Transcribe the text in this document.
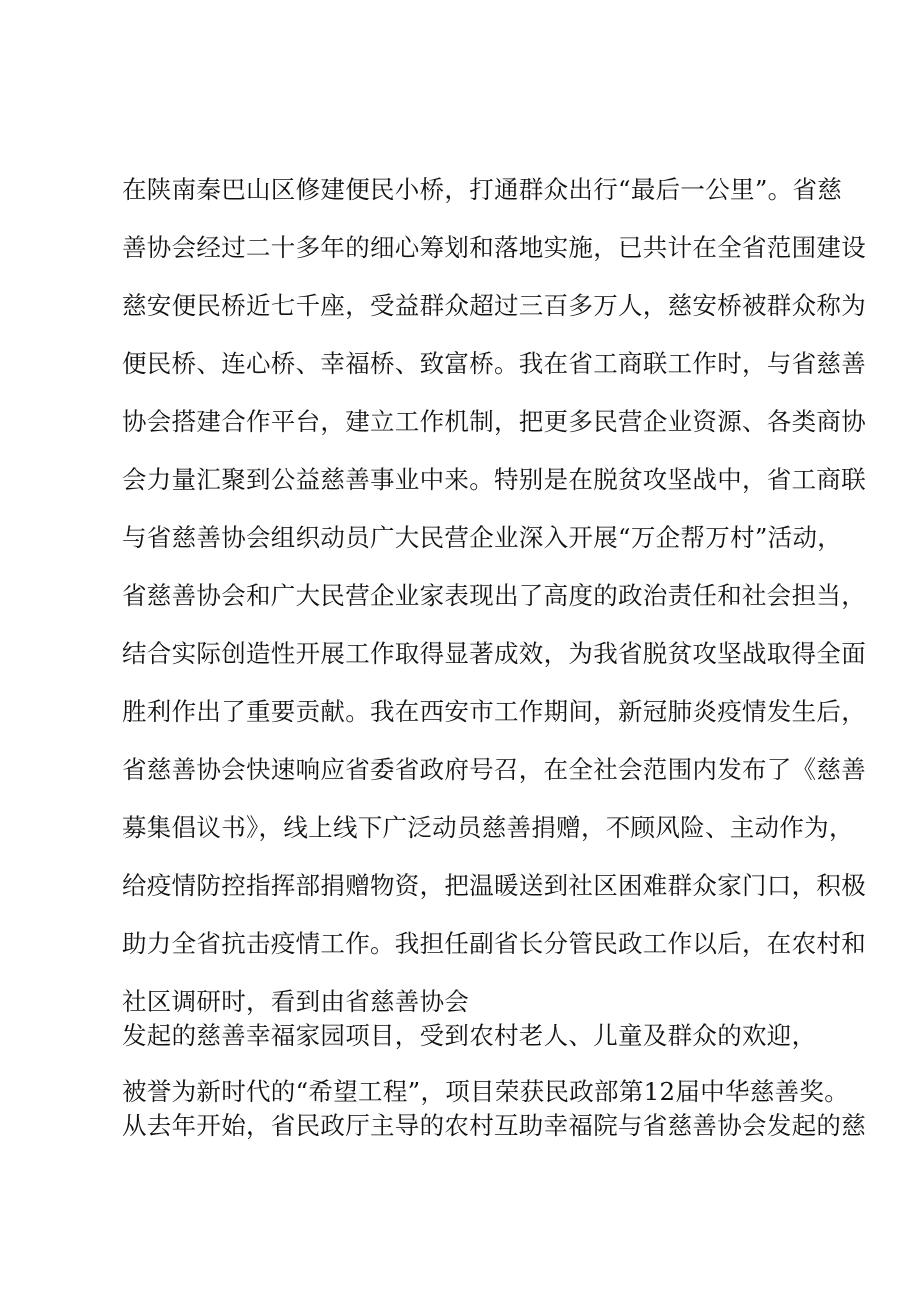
在陕南秦巴山区修建便民小桥，打通群众出行“最后一公里”。省慈
善协会经过二十多年的细心筹划和落地实施，已共计在全省范围建设
慈安便民桥近七千座，受益群众超过三百多万人，慈安桥被群众称为
便民桥、连心桥、幸福桥、致富桥。我在省工商联工作时，与省慈善
协会搭建合作平台，建立工作机制，把更多民营企业资源、各类商协
会力量汇聚到公益慈善事业中来。特别是在脱贫攻坚战中，省工商联
与省慈善协会组织动员广大民营企业深入开展“万企帮万村”活动，
省慈善协会和广大民营企业家表现出了高度的政治责任和社会担当，
结合实际创造性开展工作取得显著成效，为我省脱贫攻坚战取得全面
胜利作出了重要贡献。我在西安市工作期间，新冠肺炎疫情发生后，
省慈善协会快速响应省委省政府号召，在全社会范围内发布了《慈善
募集倡议书》，线上线下广泛动员慈善捐赠，不顾风险、主动作为，
给疫情防控指挥部捐赠物资，把温暖送到社区困难群众家门口，积极
助力全省抗击疫情工作。我担任副省长分管民政工作以后，在农村和
社区调研时，看到由省慈善协会
发起的慈善幸福家园项目，受到农村老人、儿童及群众的欢迎，
被誉为新时代的“希望工程”，项目荣获民政部第12届中华慈善奖。
从去年开始，省民政厅主导的农村互助幸福院与省慈善协会发起的慈
